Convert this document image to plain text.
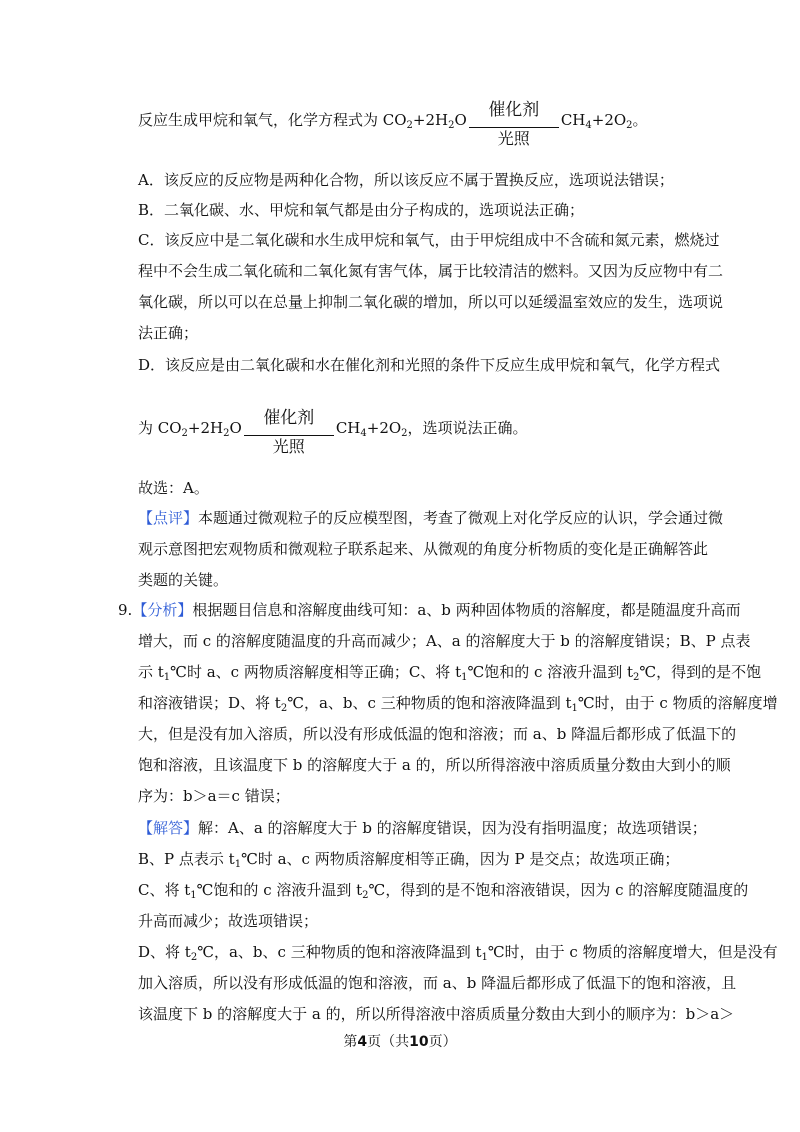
反应生成甲烷和氧气，化学方程式为 $CO_2+2H_2O$	催化剂
光照
$CH_4+2O_2$。
A．该反应的反应物是两种化合物，所以该反应不属于置换反应，选项说法错误；
B．二氧化碳、水、甲烷和氧气都是由分子构成的，选项说法正确；
C．该反应中是二氧化碳和水生成甲烷和氧气，由于甲烷组成中不含硫和氮元素，燃烧过
程中不会生成二氧化硫和二氧化氮有害气体，属于比较清洁的燃料。又因为反应物中有二
氧化碳，所以可以在总量上抑制二氧化碳的增加，所以可以延缓温室效应的发生，选项说
法正确；
D．该反应是由二氧化碳和水在催化剂和光照的条件下反应生成甲烷和氧气，化学方程式
为 $CO_2+2H_2O$	催化剂
光照
$CH_4+2O_2$，选项说法正确。
故选：A。
【点评】本题通过微观粒子的反应模型图，考查了微观上对化学反应的认识，学会通过微
观示意图把宏观物质和微观粒子联系起来、从微观的角度分析物质的变化是正确解答此
类题的关键。
9.【分析】根据题目信息和溶解度曲线可知：a、b 两种固体物质的溶解度，都是随温度升高而
增大，而 c 的溶解度随温度的升高而减少；A、a 的溶解度大于 b 的溶解度错误；B、P 点表
示 $t_1℃$时 a、c 两物质溶解度相等正确；C、将 $t_1℃$饱和的 c 溶液升温到 $t_2℃$，得到的是不饱
和溶液错误；D、将 $t_2℃$，a、b、c 三种物质的饱和溶液降温到 $t_1℃$时，由于 c 物质的溶解度增
大，但是没有加入溶质，所以没有形成低温的饱和溶液；而 a、b 降温后都形成了低温下的
饱和溶液，且该温度下 b 的溶解度大于 a 的，所以所得溶液中溶质质量分数由大到小的顺
序为：b＞a＝c 错误；
【解答】解：A、a 的溶解度大于 b 的溶解度错误，因为没有指明温度；故选项错误；
B、P 点表示 $t_1℃$时 a、c 两物质溶解度相等正确，因为 P 是交点；故选项正确；
C、将 $t_1℃$饱和的 c 溶液升温到 $t_2℃$，得到的是不饱和溶液错误，因为 c 的溶解度随温度的
升高而减少；故选项错误；
D、将 $t_2℃$，a、b、c 三种物质的饱和溶液降温到 $t_1℃$时，由于 c 物质的溶解度增大，但是没有
加入溶质，所以没有形成低温的饱和溶液，而 a、b 降温后都形成了低温下的饱和溶液，且
该温度下 b 的溶解度大于 a 的，所以所得溶液中溶质质量分数由大到小的顺序为：b＞a＞
第4页（共10页）
